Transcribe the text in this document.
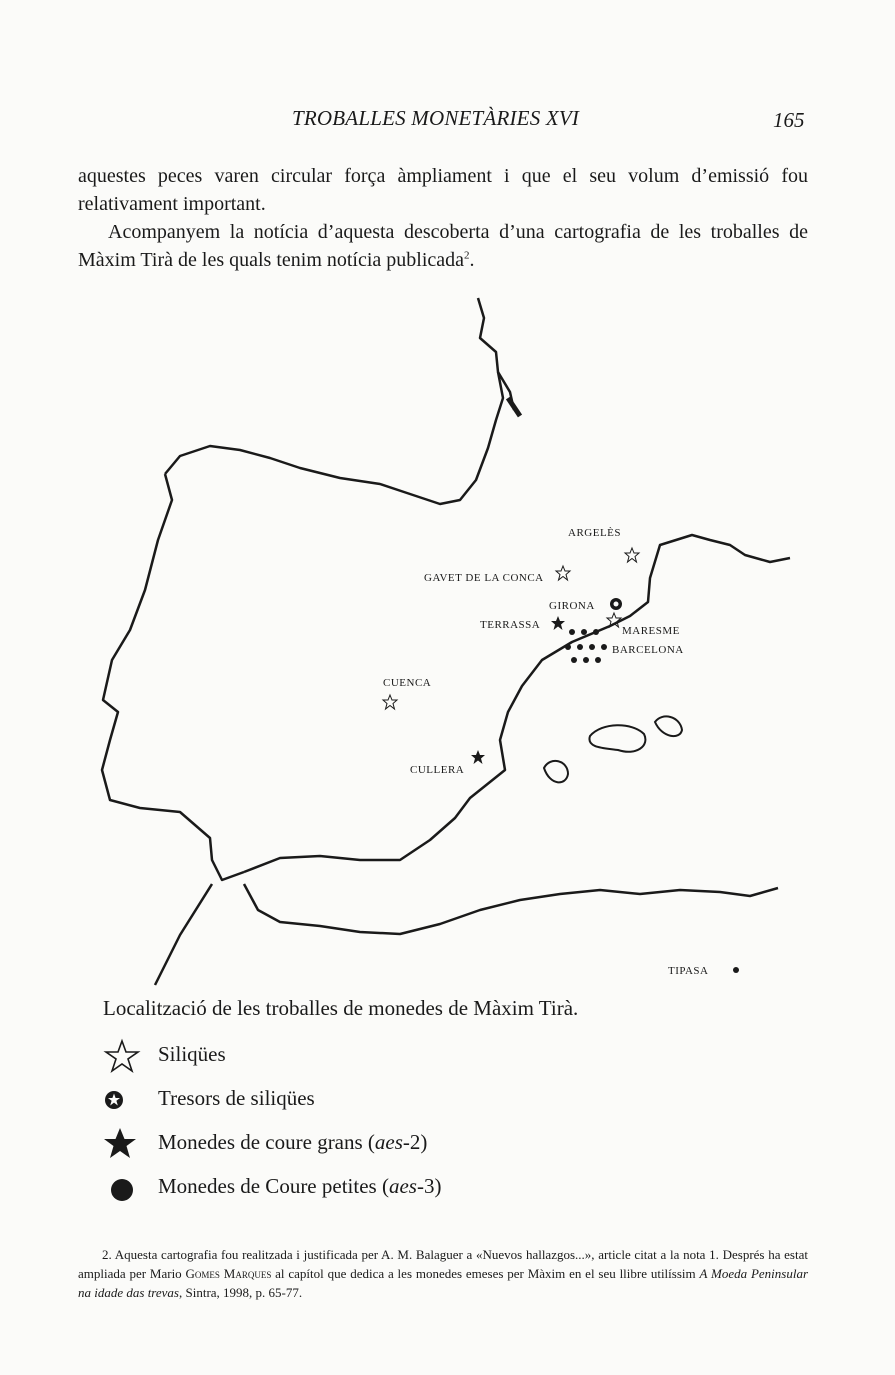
TROBALLES MONETÀRIES XVI	165

aquestes peces varen circular força àmpliament i que el seu volum d’emissió fou relativament important.

Acompanyem la notícia d’aquesta descoberta d’una cartografia de les troballes de Màxim Tirà de les quals tenim notícia publicada$^2$.

ARGELÈS
GAVET DE LA CONCA
GIRONA
TERRASSA	MARESME
BARCELONA
CUENCA
CULLERA
TIPASA
Localització de les troballes de monedes de Màxim Tirà.
Siliqües
Tresors de siliqües
Monedes de coure grans (aes-2)
Monedes de Coure petites (aes-3)

2. Aquesta cartografia fou realitzada i justificada per A. M. Balaguer a «Nuevos hallazgos...», article citat a la nota 1. Després ha estat ampliada per Mario Gomes Marques al capítol que dedica a les monedes emeses per Màxim en el seu llibre utilíssim A Moeda Peninsular na idade das trevas, Sintra, 1998, p. 65-77.
